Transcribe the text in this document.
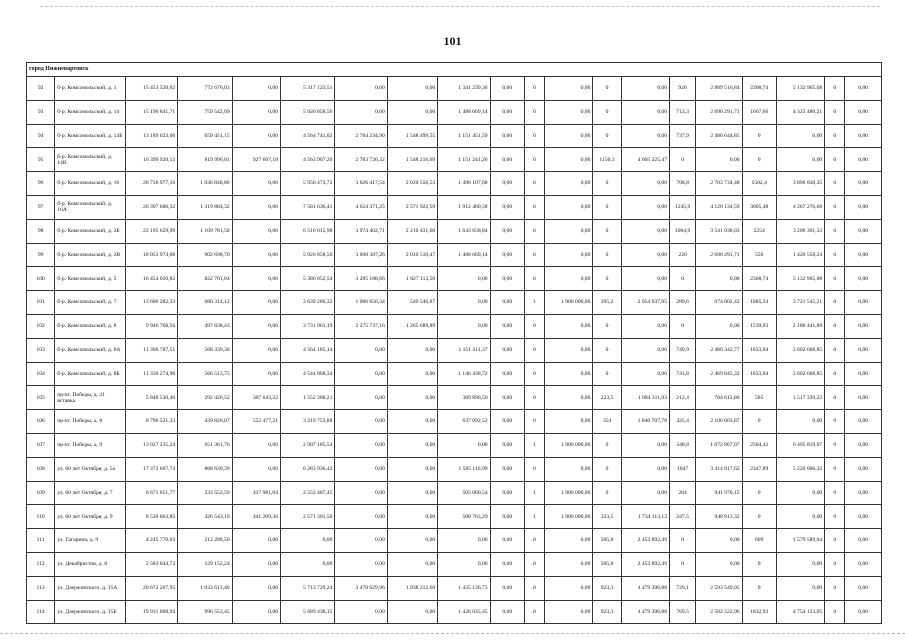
101
город Нижневартовск																			
92	б-р. Комсомольский, д. 1	15 453 520,62	772 676,03	0,00	5 317 123,51	0,00	0,00	1 341 239,36	0,00	0	0,00	0	0,00	920	2 889 516,84	2308,74	5 132 965,08	0	0,00
93	б-р. Комсомольский, д. 14	15 190 841,71	759 542,09	0,00	5 926 858,56	0,00	0,00	1 488 669,14	0,00	0	0,00	0	0,00	713,3	2 690 291,71	1667,66	4 325 480,21	0	0,00
94	б-р. Комсомольский, д. 14Б	13 189 023,06	659 451,15	0,00	4 564 741,02	2 784 234,90	1 548 499,55	1 151 451,59	0,00	0	0,00	0	0,00	737,9	2 480 644,85	0	0,00	0	0,00
95	б-р. Комсомольский, д. 14В	16 399 920,13	819 996,01	927 607,18	4 563 907,20	2 783 726,32	1 548 216,69	1 151 241,26	0,00	0	0,00	1150,3	4 605 225,47	0	0,00	0	0,00	0	0,00
96	б-р. Комсомольский, д. 16	20 736 977,16	1 036 848,86	0,00	5 956 473,72	3 626 417,54	2 020 556,53	1 496 107,68	0,00	0	0,00	0	0,00	708,8	2 703 734,48	1502,4	3 896 838,35	0	0,00
97	б-р. Комсомольский, д. 16А	26 397 686,32	1 319 884,32	0,00	7 581 636,41	4 624 371,25	2 571 922,59	1 912 460,58	0,00	0	0,00	0	0,00	1245,9	4 120 134,59	3005,48	4 267 276,68	0	0,00
98	б-р. Комсомольский, д. 2Б	22 195 629,99	1 109 781,50	0,00	6 516 015,98	3 974 402,71	2 210 431,60	1 643 658,84	0,00	0	0,00	0	0,00	1064,9	3 541 038,03	2254	3 200 301,33	0	0,00
99	б-р. Комсомольский, д. 2В	18 053 974,08	902 698,70	0,00	5 926 858,56	3 608 387,26	2 010 510,47	1 488 669,14	0,00	0	0,00	0	0,00	220	2 690 291,71	550	1 426 558,24	0	0,00
100	б-р. Комсомольский, д. 5	16 454 020,82	822 701,04	0,00	5 386 052,54	3 285 188,66	1 827 113,50	0,00	0,00	0	0,00	0	0,00	0	0,00	2308,74	5 132 965,08	0	0,00
101	б-р. Комсомольский, д. 7	13 606 282,33	680 314,12	0,00	2 639 286,32	1 086 656,34	549 540,87	0,00	0,00	1	1 900 000,00	395,2	2 054 937,05	289,6	974 002,42	1885,34	3 721 545,21	0	0,00
102	б-р. Комсомольский, д. 8	9 946 768,56	497 838,43	0,00	3 731 961,19	2 275 737,16	1 265 689,89	0,00	0,00	0	0,00	0	0,00	0	0,00	1539,93	2 186 441,89	0	0,00
103	б-р. Комсомольский, д. 8А	11 366 787,51	568 339,38	0,00	4 564 185,14	0,00	0,00	1 151 311,37	0,00	0	0,00	0	0,00	749,9	2 480 342,77	1833,04	2 602 608,85	0	0,00
104	б-р. Комсомольский, д. 8Б	11 330 274,98	566 513,75	0,00	4 544 868,34	0,00	0,00	1 146 438,72	0,00	0	0,00	0	0,00	741,8	2 469 845,32	1833,04	2 602 608,85	0	0,00
105	пр-кт. Победы, д. 21 вставка	5 848 530,40	292 426,52	307 643,22	1 552 300,21	0,00	0,00	389 896,50	0,00	0	0,00	223,5	1 084 311,93	212,4	704 612,80	585	1 517 339,22	0	0,00
106	пр-кт. Победы, д. 8	8 796 521,33	439 826,07	552 477,21	3 219 753,88	0,00	0,00	637 092,52	0,00	0	0,00	354	1 840 707,78	425,4	2 106 663,87	0	0,00	0	0,00
107	пр-кт. Победы, д. 9	13 027 235,24	651 361,76	0,00	2 907 185,54	0,00	0,00	0,00	0,00	1	1 900 000,00	0	0,00	348,8	1 072 867,97	2504,42	6 495 819,97	0	0,00
108	ул. 60 лет Октября, д. 5а	17 372 607,74	868 630,39	0,00	6 283 936,42	0,00	0,00	1 585 116,99	0,00	0	0,00	0	0,00	1047	3 414 917,62	2347,89	5 220 006,32	0	0,00
109	ул. 60 лет Октября, д. 7	6 671 051,77	333 552,59	437 981,04	2 552 487,45	0,00	0,00	505 060,54	0,00	1	1 900 000,00	0	0,00	264	941 970,15	0	0,00	0	0,00
110	ул. 60 лет Октября, д. 9	8 530 863,85	426 543,19	441 209,36	2 571 301,56	0,00	0,00	508 783,29	0,00	1	1 900 000,00	333,5	1 734 113,13	247,5	948 913,32	0	0,00	0	0,00
111	ул. Гагарина, д. 9	4 245 770,03	212 288,50	0,00	0,00	0,00	0,00	0,00	0,00	0	0,00	505,8	2 453 892,49	0	0,00	609	1 579 589,04	0	0,00
112	ул. Декабристов, д. 8	2 583 044,73	129 152,24	0,00	0,00	0,00	0,00	0,00	0,00	0	0,00	505,8	2 453 892,49	0	0,00	0	0,00	0	0,00
113	ул. Дзержинского, д. 15А	20 672 267,95	1 033 613,40	0,00	5 713 729,24	3 478 629,96	1 938 212,69	1 435 136,73	0,00	0	0,00	923,3	4 479 396,88	729,1	2 593 549,05	0	0,00	0	0,00
114	ул. Дзержинского, д. 15Б	19 931 008,94	996 553,45	0,00	5 689 438,15	0,00	0,00	1 420 035,45	0,00	0	0,00	923,3	4 479 396,88	769,5	2 582 522,96	1832,92	4 754 123,05	0	0,00
